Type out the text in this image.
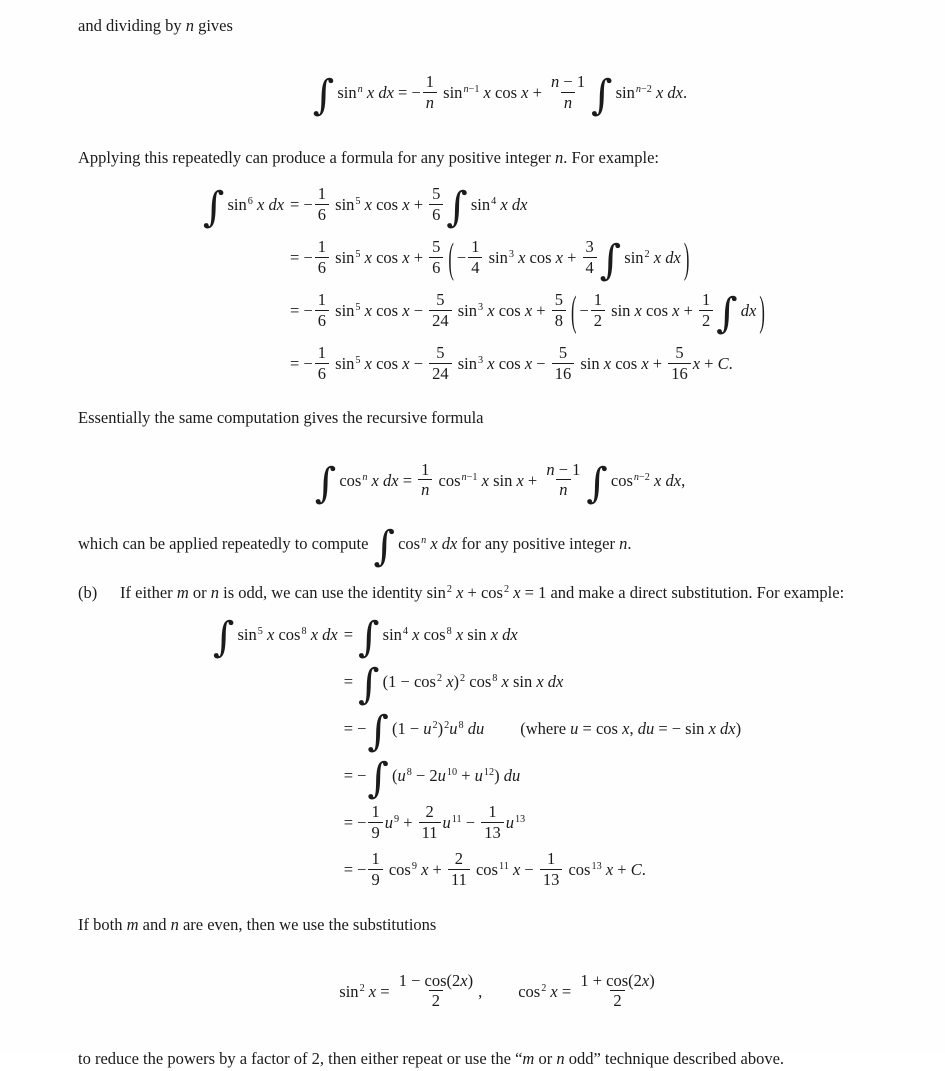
and dividing by n gives
∫ $\sin^n x$ dx = − $\frac{1}{n} \sin^{n-1} x$ $\cos x + \frac{n - 1}{n}$ ∫ $\sin^{n-2} x$ dx.
Applying this repeatedly can produce a formula for any positive integer n. For example:
∫ $\sin^6 x$ dx = − $\frac{1}{6} \sin^5 x$ $\cos x + \frac{5}{6}$ ∫ $\sin^4 x$ dx
= − $\frac{1}{6} \sin^5 x$ $\cos x + \frac{5}{6}$ ( − $\frac{1}{4} \sin^3 x$ $\cos x + \frac{3}{4}$ ∫ $\sin^2 x$ dx )
= − $\frac{1}{6} \sin^5 x$ $\cos x - \frac{5}{24} \sin^3 x$ $\cos x + \frac{5}{8}$ ( − $\frac{1}{2}$ sin x $\cos x + \frac{1}{2}$ ∫ dx )
= − $\frac{1}{6} \sin^5 x$ $\cos x - \frac{5}{24} \sin^3 x$ $\cos x - \frac{5}{16}$ sin x $\cos x + \frac{5}{16}$ x + C.
Essentially the same computation gives the recursive formula
∫ $\cos^n x$ dx = $\frac{1}{n} \cos^{n-1} x$ $\sin x + \frac{n - 1}{n}$ ∫ $\cos^{n-2} x$ dx,
which can be applied repeatedly to compute ∫ $\cos^n x$ dx for any positive integer n.
(b)	If either m or n is odd, we can use the identity $\sin^2 x + \cos^2 x = 1$ and make a direct substitution. For example:
∫ $\sin^5 x$ $\cos^8 x$ dx = ∫ $\sin^4 x$ $\cos^8 x$ sin x dx
= ∫ $(1 - \cos^2 x)^2$ $\cos^8 x$ sin x dx
= −∫ $(1 - u^2)^2u^8$ du (where u = cos x, du = − sin x dx)
= −∫ $(u^8 - 2u^{10} + u^{12})$ du
= − $\frac{1}{9} u^9 + \frac{2}{11} u^{11} - \frac{1}{13} u^{13}$
= − $\frac{1}{9} \cos^9 x + \frac{2}{11} \cos^{11} x - \frac{1}{13} \cos^{13} x + C$.
If both m and n are even, then we use the substitutions
$\sin^2 x = \frac{1 - \cos(2x)}{2}$ , $\cos^2 x = \frac{1 + \cos(2x)}{2}$
to reduce the powers by a factor of 2, then either repeat or use the “m or n odd” technique described above.
